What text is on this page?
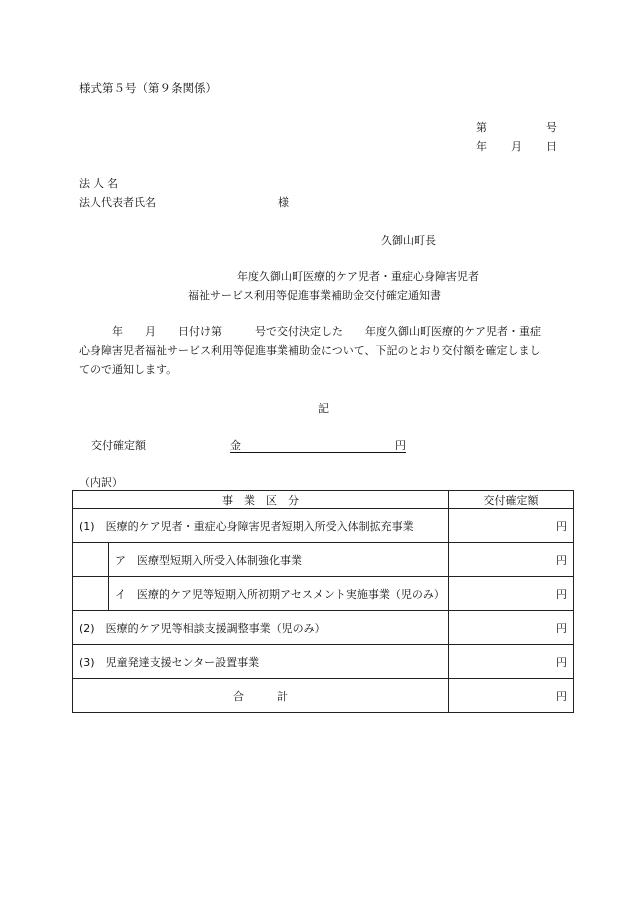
様式第５号（第９条関係）
第	号
年 月 日
法人名
法人代表者氏名	様
久御山町長
年度久御山町医療的ケア児者・重症心身障害児者
福祉サービス利用等促進事業補助金交付確定通知書
　　　年　　月　　日付け第　　　号で交付決定した　　年度久御山町医療的ケア児者・重症
心身障害児者福祉サービス利用等促進事業補助金について、下記のとおり交付額を確定しまし
てので通知します。
記
交付確定額	金	円
（内訳）
事　業　区　分		交付確定額
(1)　医療的ケア児者・重症心身障害児者短期入所受入体制拡充事業		円
	ア　医療型短期入所受入体制強化事業	円
	イ　医療的ケア児等短期入所初期アセスメント実施事業（児のみ）	円
(2)　医療的ケア児等相談支援調整事業（児のみ）		円
(3)　児童発達支援センター設置事業		円
合　　　計		円
